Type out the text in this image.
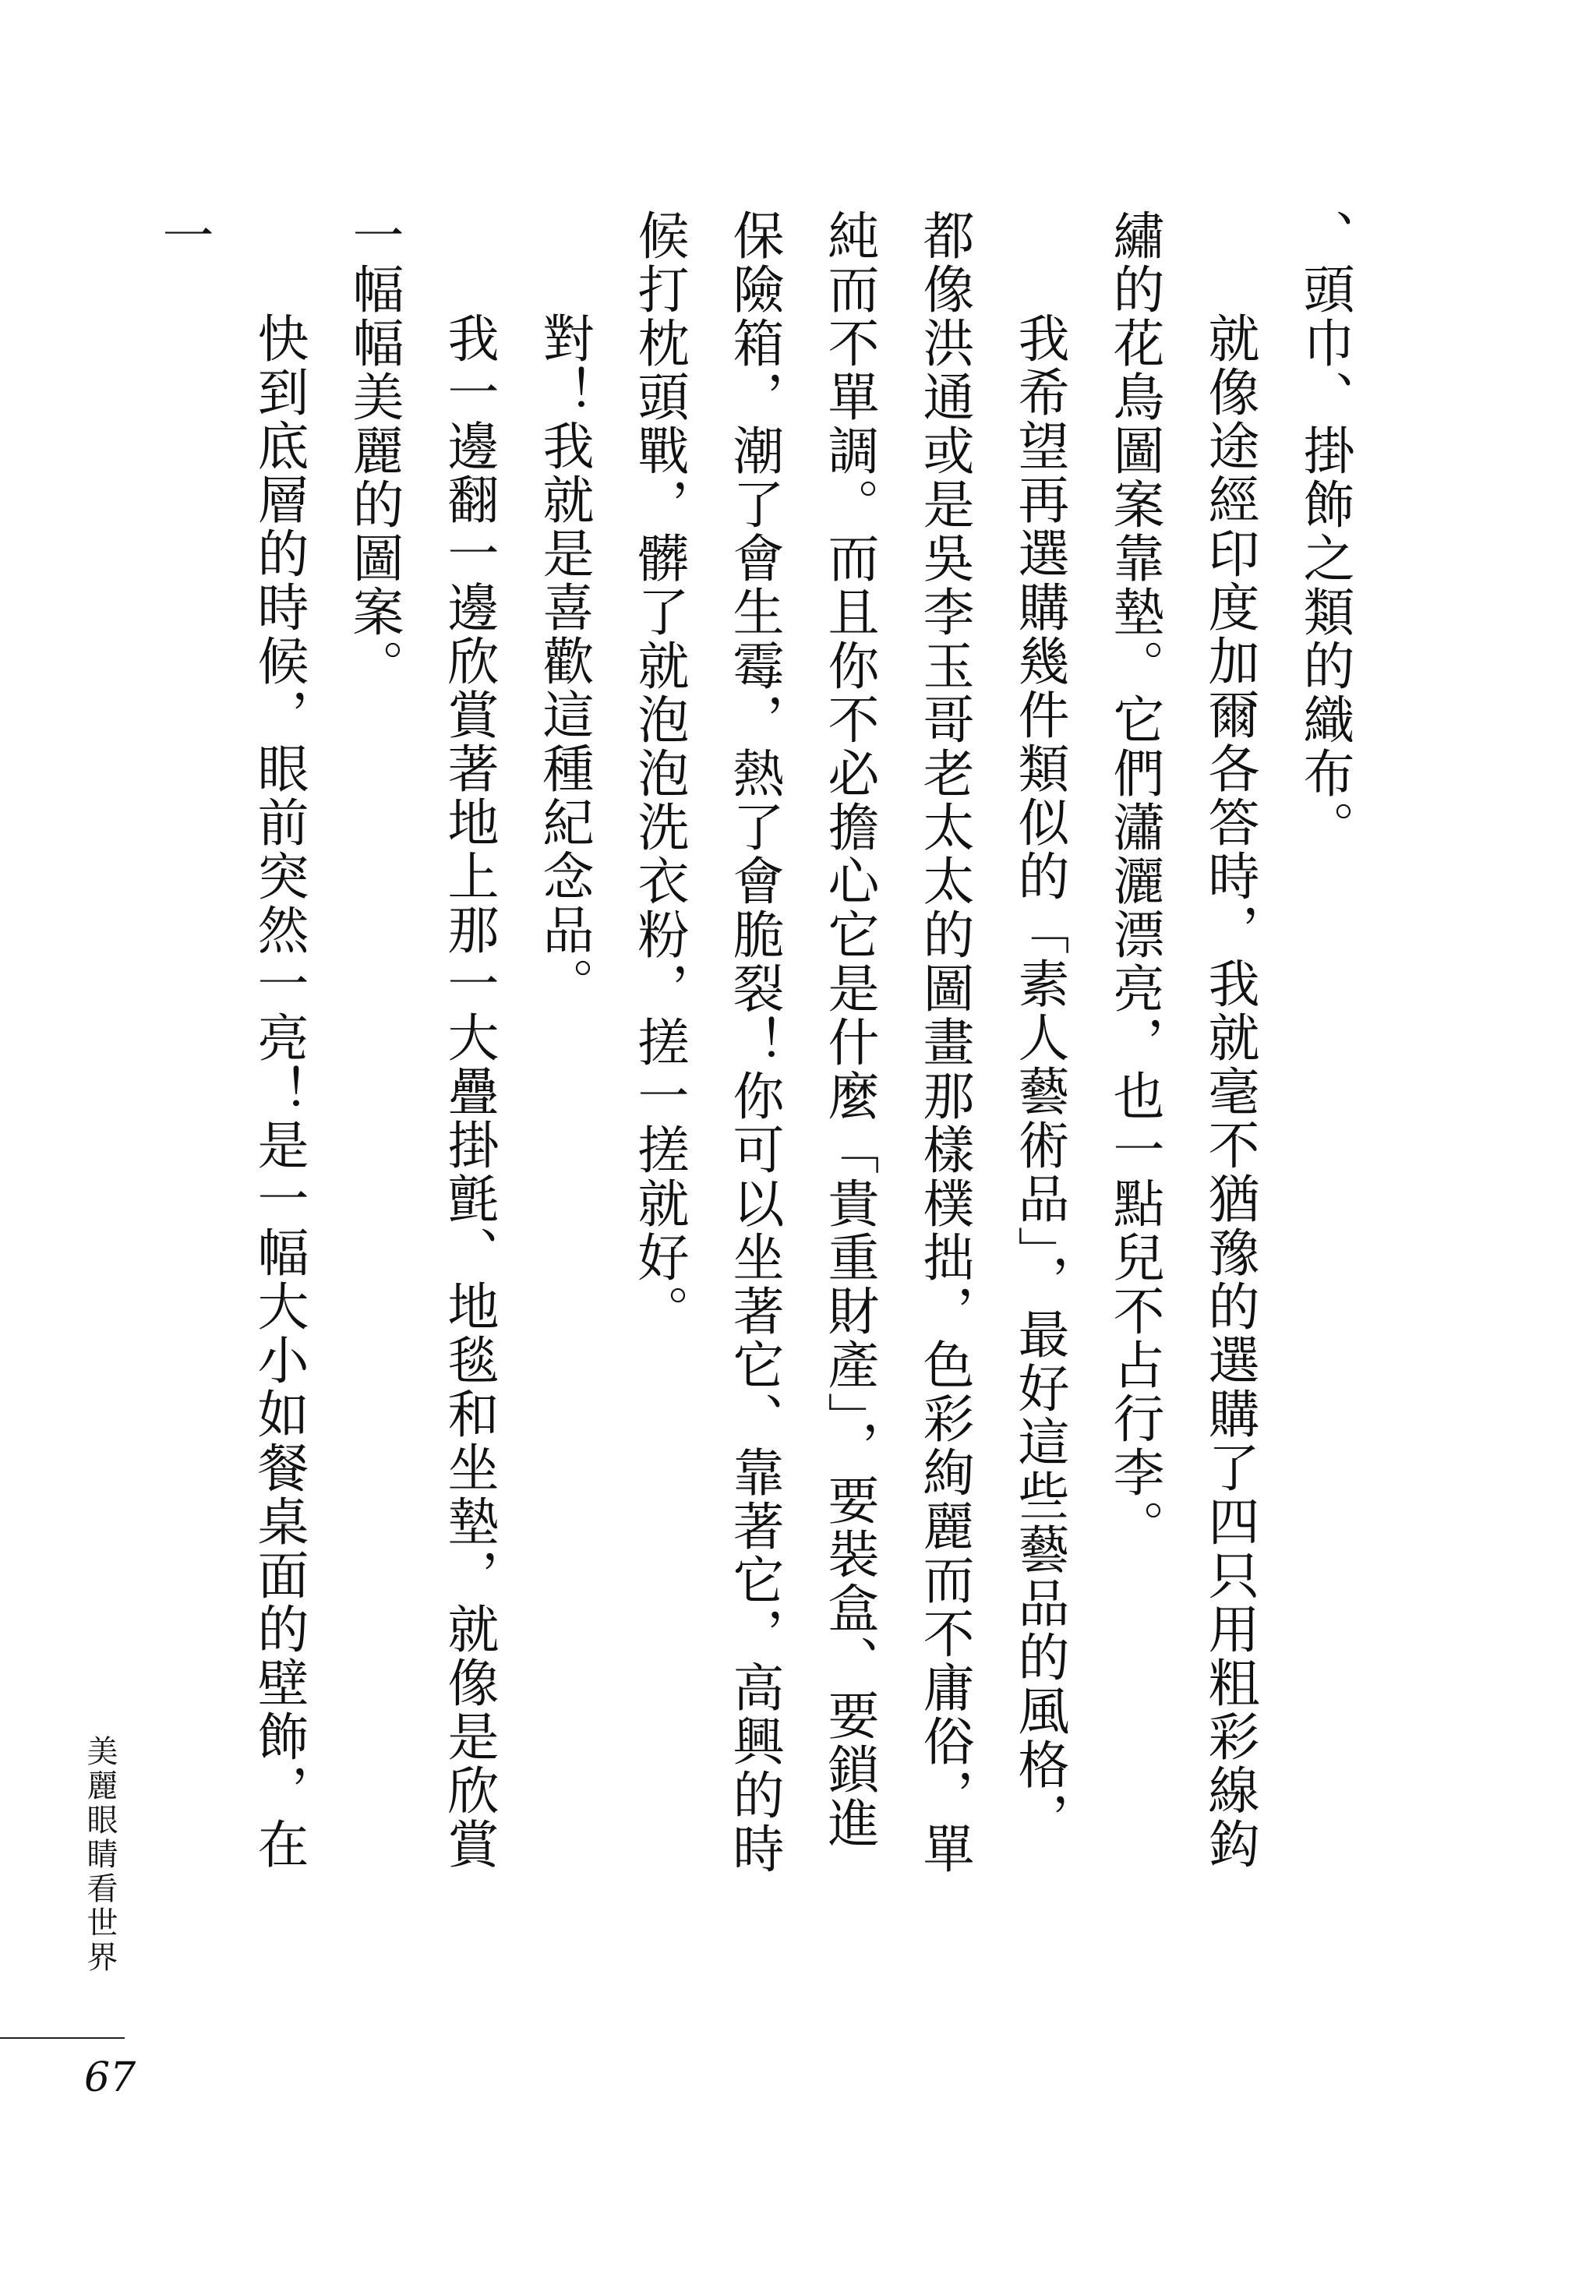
、頭巾、掛飾之類的織布。

就像途經印度加爾各答時，我就毫不猶豫的選購了四只用粗彩線鈎繡的花鳥圖案靠墊。它們瀟灑漂亮，也一點兒不占行李。

我希望再選購幾件類似的「素人藝術品」，最好這些藝品的風格，都像洪通或是吳李玉哥老太太的圖畫那樣樸拙，色彩絢麗而不庸俗，單純而不單調。而且你不必擔心它是什麼「貴重財產」，要裝盒、要鎖進保險箱，潮了會生霉，熱了會脆裂！你可以坐著它、靠著它，高興的時候打枕頭戰，髒了就泡泡洗衣粉，搓一搓就好。

對！我就是喜歡這種紀念品。

我一邊翻一邊欣賞著地上那一大疊掛氈、地毯和坐墊，就像是欣賞一幅幅美麗的圖案。

快到底層的時候，眼前突然一亮！是一幅大小如餐桌面的壁飾，在一

美麗眼睛看世界
67
